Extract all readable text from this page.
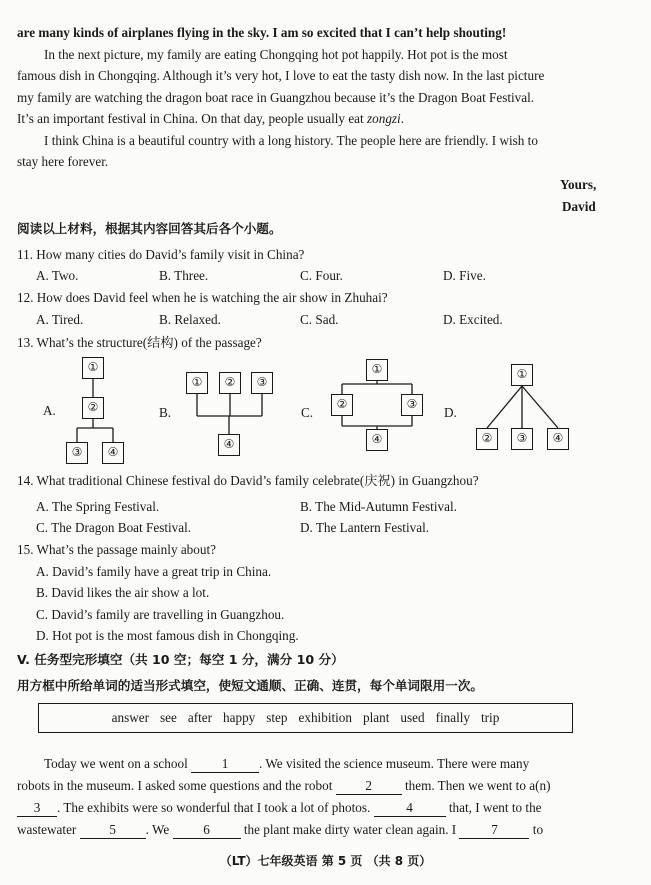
are many kinds of airplanes flying in the sky. I am so excited that I can’t help shouting!
In the next picture, my family are eating Chongqing hot pot happily. Hot pot is the most
famous dish in Chongqing. Although it’s very hot, I love to eat the tasty dish now. In the last picture
my family are watching the dragon boat race in Guangzhou because it’s the Dragon Boat Festival.
It’s an important festival in China. On that day, people usually eat zongzi.
I think China is a beautiful country with a long history. The people here are friendly. I wish to
stay here forever.
Yours,
David
阅读以上材料，根据其内容回答其后各个小题。
11. How many cities do David’s family visit in China?
A. Two.	B. Three.	C. Four.	D. Five.
12. How does David feel when he is watching the air show in Zhuhai?
A. Tired.	B. Relaxed.	C. Sad.	D. Excited.
13. What’s the structure(结构) of the passage?
A.
①
②
③	④
B.
①	②	③
④
C.
①
②	③
④
D.
①
②	③	④
14. What traditional Chinese festival do David’s family celebrate(庆祝) in Guangzhou?
A. The Spring Festival.	B. The Mid-Autumn Festival.
C. The Dragon Boat Festival.	D. The Lantern Festival.
15. What’s the passage mainly about?
A. David’s family have a great trip in China.
B. David likes the air show a lot.
C. David’s family are travelling in Guangzhou.
D. Hot pot is the most famous dish in Chongqing.
V. 任务型完形填空（共 10 空；每空 1 分，满分 10 分）
用方框中所给单词的适当形式填空，使短文通顺、正确、连贯，每个单词限用一次。
answer see after happy step exhibition plant used finally trip
Today we went on a school 1 . We visited the science museum. There were many
robots in the museum. I asked some questions and the robot 2 them. Then we went to a(n)
3 . The exhibits were so wonderful that I took a lot of photos. 4 that, I went to the
wastewater 5 . We 6 the plant make dirty water clean again. I 7 to
（LT）七年级英语 第 5 页 （共 8 页）
